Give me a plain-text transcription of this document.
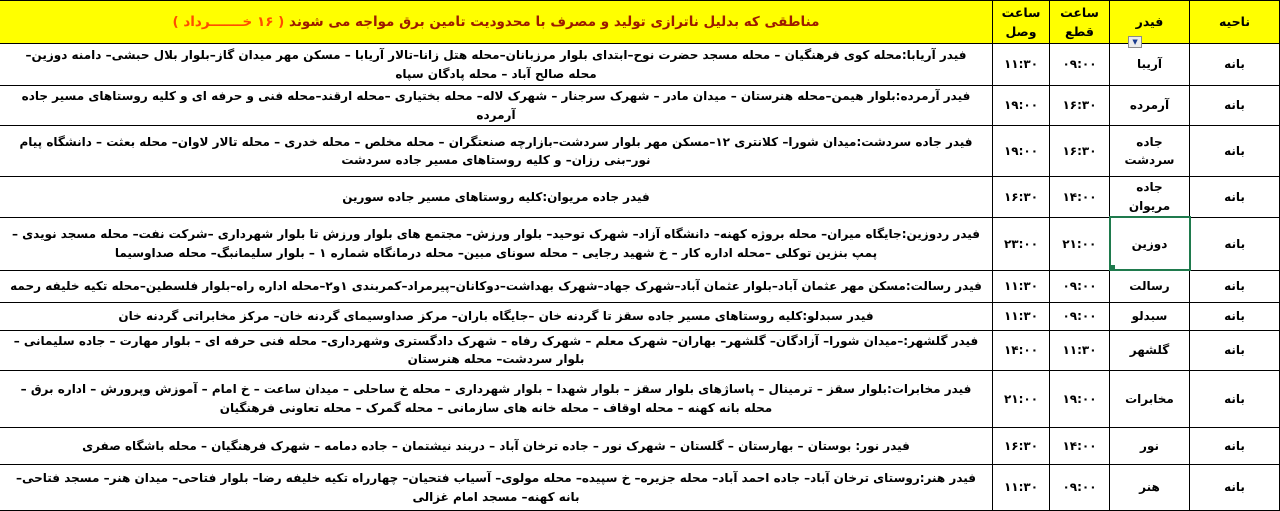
ناحیه	فیدر	ساعت قطع	ساعت وصل	مناطقی که بدلیل ناترازی تولید و مصرف با محدودیت تامین برق مواجه می شوند ( ۱۶ خـــــــرداد )
بانه	آریبا	۰۹:۰۰	۱۱:۳۰	فیدر آریابا:محله کوی فرهنگیان – محله مسجد حضرت نوح–ابتدای بلوار مرزبانان–محله هتل زانا–تالار آریابا – مسکن مهر میدان گاز–بلوار بلال حبشی– دامنه دوزین– محله صالح آباد – محله پادگان سپاه
بانه	آرمرده	۱۶:۳۰	۱۹:۰۰	فیدر آرمرده:بلوار هیمن–محله هنرستان – میدان مادر – شهرک سرجنار – شهرک لاله– محله بختیاری –محله ارقند–محله فنی و حرفه ای و کلیه روستاهای مسیر جاده آرمرده
بانه	جاده سردشت	۱۶:۳۰	۱۹:۰۰	فیدر جاده سردشت:میدان شورا– کلانتری ۱۲–مسکن مهر بلوار سردشت–بازارچه صنعتگران – محله مخلص – محله خدری – محله تالار لاوان– محله بعثت – دانشگاه پیام نور–بنی رزان– و کلیه روستاهای مسیر جاده سردشت
بانه	جاده مریوان	۱۴:۰۰	۱۶:۳۰	فیدر جاده مریوان:کلیه روستاهای مسیر جاده سورین
بانه	دوزین	۲۱:۰۰	۲۳:۰۰	فیدر ردوزین:جایگاه میران– محله بروژه کهنه– دانشگاه آزاد– شهرک توحید– بلوار ورزش– مجتمع های بلوار ورزش تا بلوار شهرداری –شرکت نفت– محله مسجد نویدی – پمپ بنزین توکلی –محله اداره کار – خ شهید رجایی – محله سونای مبین– محله درمانگاه شماره ۱ – بلوار سلیمانبگ– محله صداوسیما
بانه	رسالت	۰۹:۰۰	۱۱:۳۰	فیدر رسالت:مسکن مهر عثمان آباد–بلوار عثمان آباد–شهرک جهاد–شهرک بهداشت–دوکانان–پیرمراد–کمربندی ۱و۲–محله اداره راه–بلوار فلسطین–محله تکیه خلیفه رحمه
بانه	سبدلو	۰۹:۰۰	۱۱:۳۰	فیدر سبدلو:کلیه روستاهای مسیر جاده سقز تا گردنه خان –جایگاه باران– مرکز صداوسیمای گردنه خان– مرکز مخابراتی گردنه خان
بانه	گلشهر	۱۱:۳۰	۱۴:۰۰	فیدر گلشهر:–میدان شورا– آزادگان– گلشهر– بهاران– شهرک معلم – شهرک رفاه – شهرک دادگستری وشهرداری– محله فنی حرفه ای – بلوار مهارت – جاده سلیمانی – بلوار سردشت– محله هنرستان
بانه	مخابرات	۱۹:۰۰	۲۱:۰۰	فیدر مخابرات:بلوار سقز – ترمینال – پاساژهای بلوار سقز – بلوار شهدا – بلوار شهرداری – محله خ ساحلی – میدان ساعت – خ امام – آموزش وپرورش – اداره برق – محله بانه کهنه – محله اوقاف – محله خانه های سازمانی – محله گمرک – محله تعاونی فرهنگیان
بانه	نور	۱۴:۰۰	۱۶:۳۰	فیدر نور: بوستان – بهارستان – گلستان – شهرک نور – جاده ترخان آباد – دربند نیشتمان – جاده دمامه – شهرک فرهنگیان – محله باشگاه صفری
بانه	هنر	۰۹:۰۰	۱۱:۳۰	فیدر هنر:روستای ترخان آباد– جاده احمد آباد– محله جزیره– خ سپیده– محله مولوی– آسیاب فتحیان– چهارراه تکیه خلیفه رضا– بلوار فتاحی– میدان هنر– مسجد فتاحی– بانه کهنه– مسجد امام غزالی
▼
